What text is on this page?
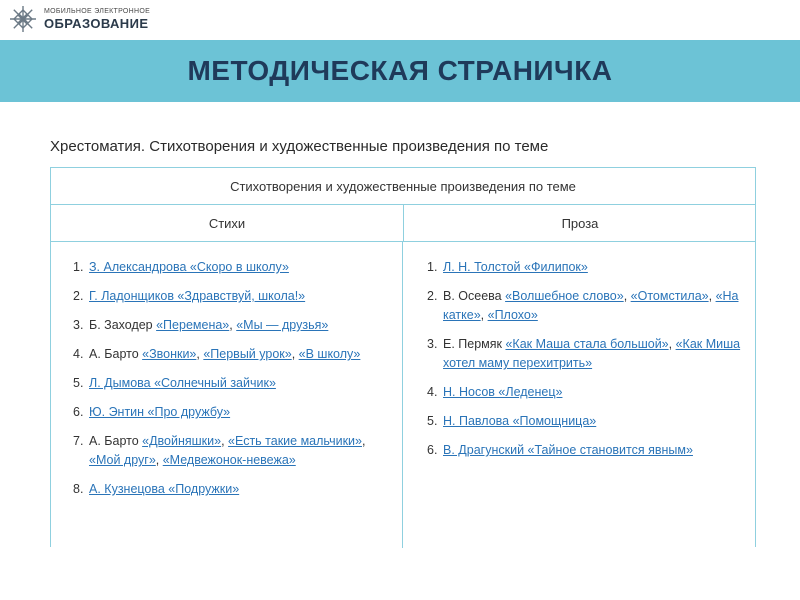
МОБИЛЬНОЕ ЭЛЕКТРОННОЕ
ОБРАЗОВАНИЕ
МЕТОДИЧЕСКАЯ СТРАНИЧКА
Хрестоматия. Стихотворения и художественные произведения по теме
Стихотворения и художественные произведения по теме
Стихи	Проза
1. З. Александрова «Скоро в школу»
2. Г. Ладонщиков «Здравствуй, школа!»
3. Б. Заходер «Перемена», «Мы — друзья»
4. А. Барто «Звонки», «Первый урок», «В школу»
5. Л. Дымова «Солнечный зайчик»
6. Ю. Энтин «Про дружбу»
7. А. Барто «Двойняшки», «Есть такие мальчики», «Мой друг», «Медвежонок-невежа»
8. А. Кузнецова «Подружки»
1. Л. Н. Толстой «Филипок»
2. В. Осеева «Волшебное слово», «Отомстила», «На катке», «Плохо»
3. Е. Пермяк «Как Маша стала большой», «Как Миша хотел маму перехитрить»
4. Н. Носов «Леденец»
5. Н. Павлова «Помощница»
6. В. Драгунский «Тайное становится явным»
